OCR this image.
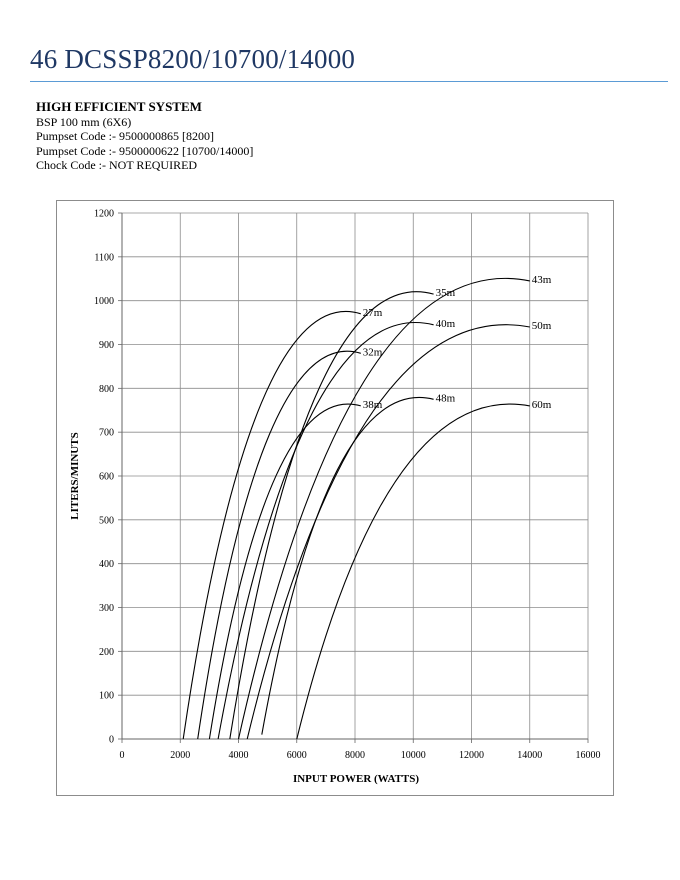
46 DCSSP8200/10700/14000
HIGH EFFICIENT SYSTEM
BSP 100 mm (6X6)
Pumpset Code :- 9500000865 [8200]
Pumpset Code :- 9500000622 [10700/14000]
Chock Code :- NOT REQUIRED
0
100
200
300
400
500
600
700
800
900
1000
1100
1200
0	2000	4000	6000	8000	10000	12000	14000	16000
27m
32m
35m
38m
40m
43m
48m
50m
60m
INPUT POWER (WATTS)
LITERS/MINUTS
